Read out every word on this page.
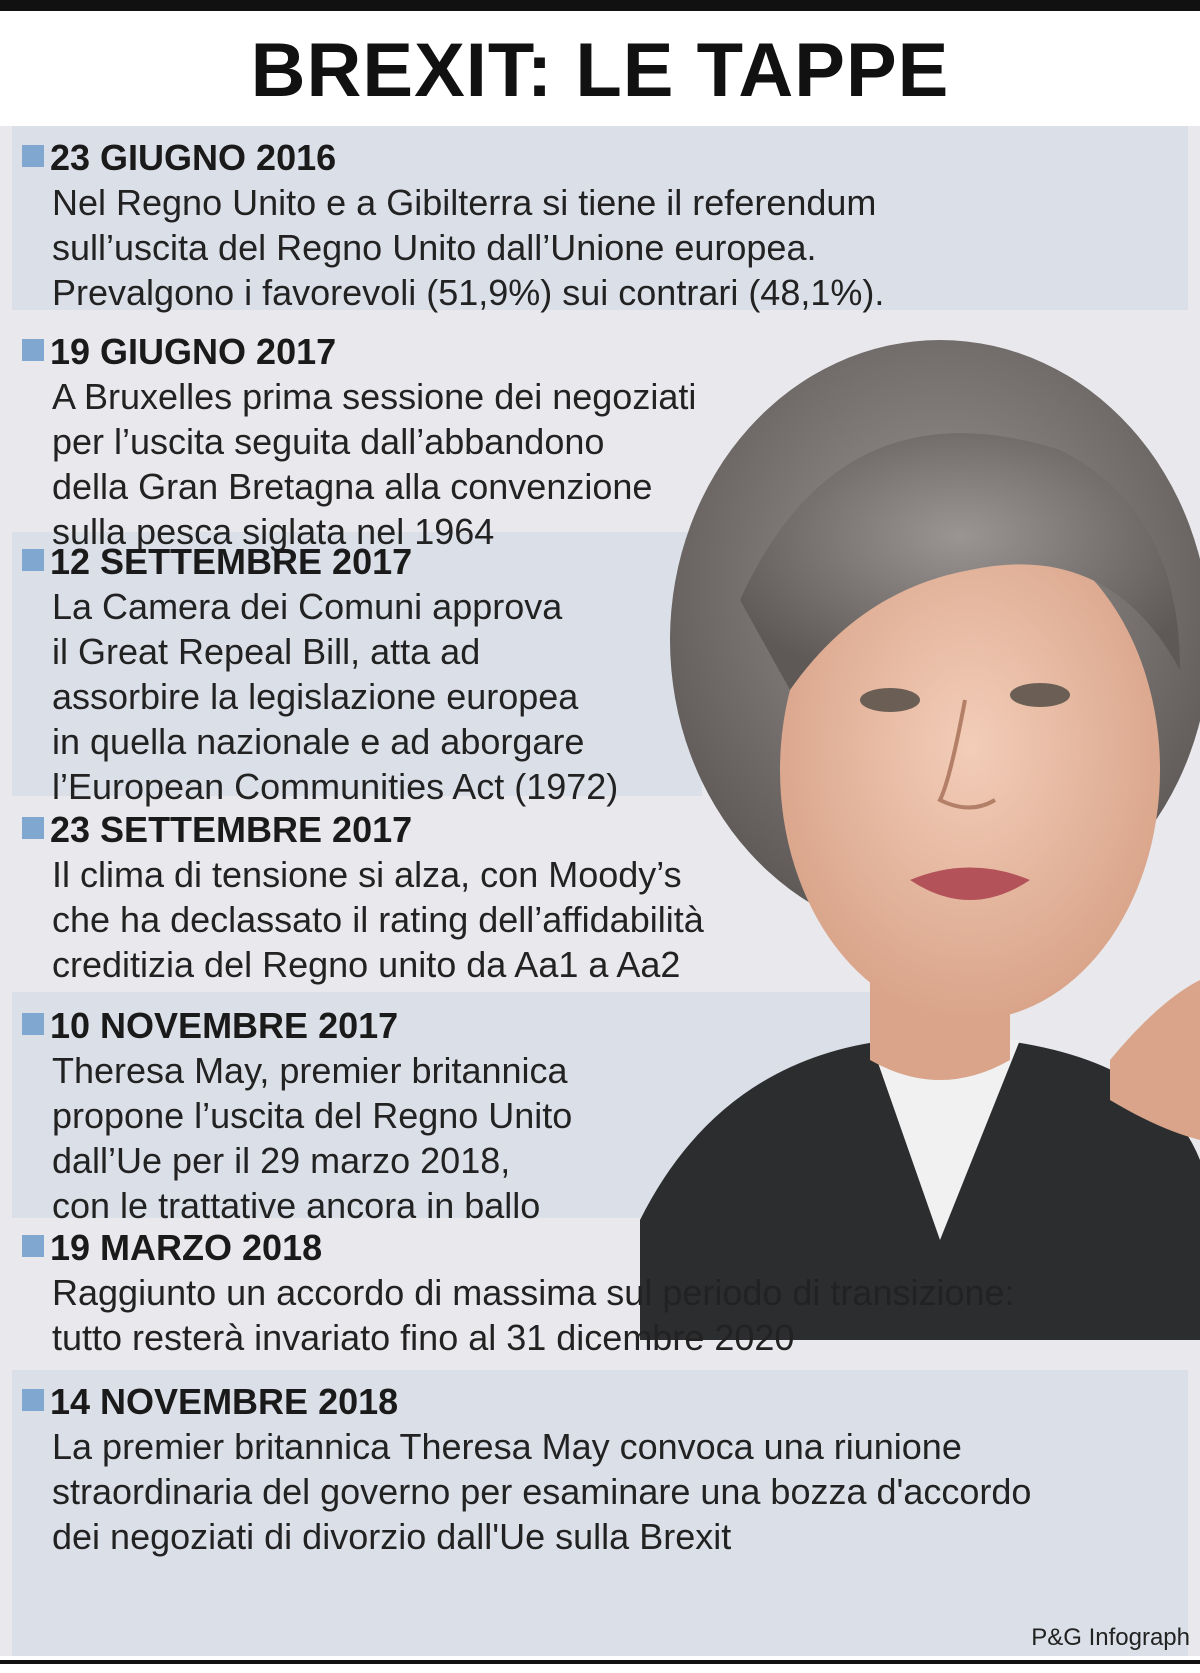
BREXIT: LE TAPPE
23 GIUGNO 2016
Nel Regno Unito e a Gibilterra si tiene il referendum
sull’uscita del Regno Unito dall’Unione europea.
Prevalgono i favorevoli (51,9%) sui contrari (48,1%).
19 GIUGNO 2017
A Bruxelles prima sessione dei negoziati
per l’uscita seguita dall’abbandono
della Gran Bretagna alla convenzione
sulla pesca siglata nel 1964
12 SETTEMBRE 2017
La Camera dei Comuni approva
il Great Repeal Bill, atta ad
assorbire la legislazione europea
in quella nazionale e ad aborgare
l’European Communities Act (1972)
23 SETTEMBRE 2017
Il clima di tensione si alza, con Moody’s
che ha declassato il rating dell’affidabilità
creditizia del Regno unito da Aa1 a Aa2
10 NOVEMBRE 2017
Theresa May, premier britannica
propone l’uscita del Regno Unito
dall’Ue per il 29 marzo 2018,
con le trattative ancora in ballo
19 MARZO 2018
Raggiunto un accordo di massima sul periodo di transizione:
tutto resterà invariato fino al 31 dicembre 2020
14 NOVEMBRE 2018
La premier britannica Theresa May convoca una riunione
straordinaria del governo per esaminare una bozza d'accordo
dei negoziati di divorzio dall'Ue sulla Brexit
P&G Infograph
